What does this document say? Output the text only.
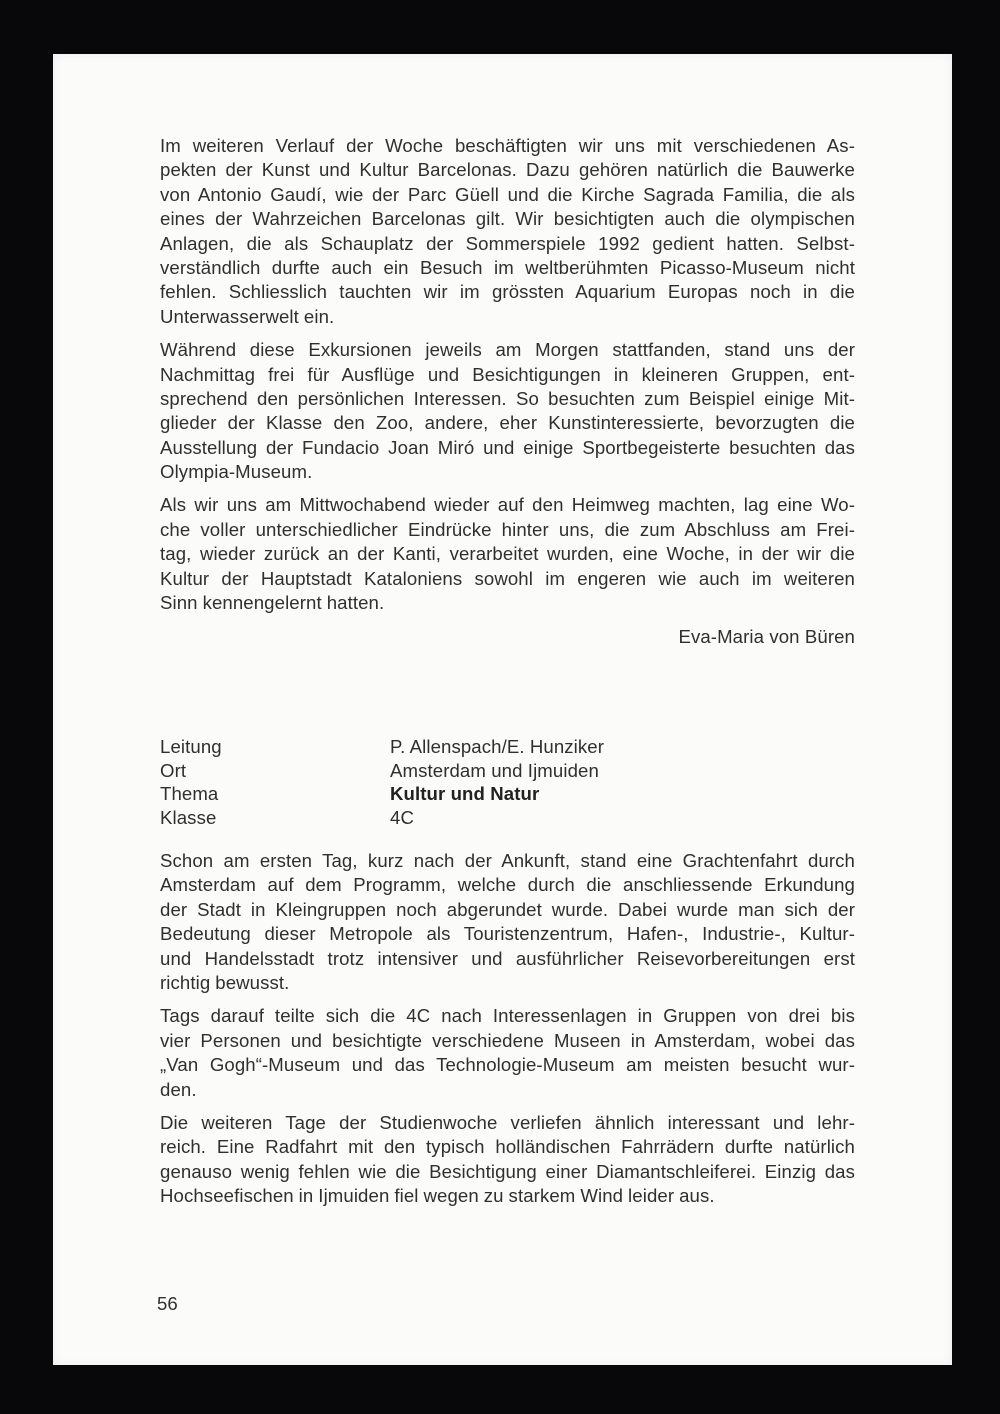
Im weiteren Verlauf der Woche beschäftigten wir uns mit verschiedenen As-
pekten der Kunst und Kultur Barcelonas. Dazu gehören natürlich die Bauwerke
von Antonio Gaudí, wie der Parc Güell und die Kirche Sagrada Familia, die als
eines der Wahrzeichen Barcelonas gilt. Wir besichtigten auch die olympischen
Anlagen, die als Schauplatz der Sommerspiele 1992 gedient hatten. Selbst-
verständlich durfte auch ein Besuch im weltberühmten Picasso-Museum nicht
fehlen. Schliesslich tauchten wir im grössten Aquarium Europas noch in die
Unterwasserwelt ein.
Während diese Exkursionen jeweils am Morgen stattfanden, stand uns der
Nachmittag frei für Ausflüge und Besichtigungen in kleineren Gruppen, ent-
sprechend den persönlichen Interessen. So besuchten zum Beispiel einige Mit-
glieder der Klasse den Zoo, andere, eher Kunstinteressierte, bevorzugten die
Ausstellung der Fundacio Joan Miró und einige Sportbegeisterte besuchten das
Olympia-Museum.
Als wir uns am Mittwochabend wieder auf den Heimweg machten, lag eine Wo-
che voller unterschiedlicher Eindrücke hinter uns, die zum Abschluss am Frei-
tag, wieder zurück an der Kanti, verarbeitet wurden, eine Woche, in der wir die
Kultur der Hauptstadt Kataloniens sowohl im engeren wie auch im weiteren
Sinn kennengelernt hatten.
Eva-Maria von Büren
Leitung	P. Allenspach/E. Hunziker
Ort	Amsterdam und Ijmuiden
Thema	Kultur und Natur
Klasse	4C
Schon am ersten Tag, kurz nach der Ankunft, stand eine Grachtenfahrt durch
Amsterdam auf dem Programm, welche durch die anschliessende Erkundung
der Stadt in Kleingruppen noch abgerundet wurde. Dabei wurde man sich der
Bedeutung dieser Metropole als Touristenzentrum, Hafen-, Industrie-, Kultur-
und Handelsstadt trotz intensiver und ausführlicher Reisevorbereitungen erst
richtig bewusst.
Tags darauf teilte sich die 4C nach Interessenlagen in Gruppen von drei bis
vier Personen und besichtigte verschiedene Museen in Amsterdam, wobei das
„Van Gogh“-Museum und das Technologie-Museum am meisten besucht wur-
den.
Die weiteren Tage der Studienwoche verliefen ähnlich interessant und lehr-
reich. Eine Radfahrt mit den typisch holländischen Fahrrädern durfte natürlich
genauso wenig fehlen wie die Besichtigung einer Diamantschleiferei. Einzig das
Hochseefischen in Ijmuiden fiel wegen zu starkem Wind leider aus.
56
